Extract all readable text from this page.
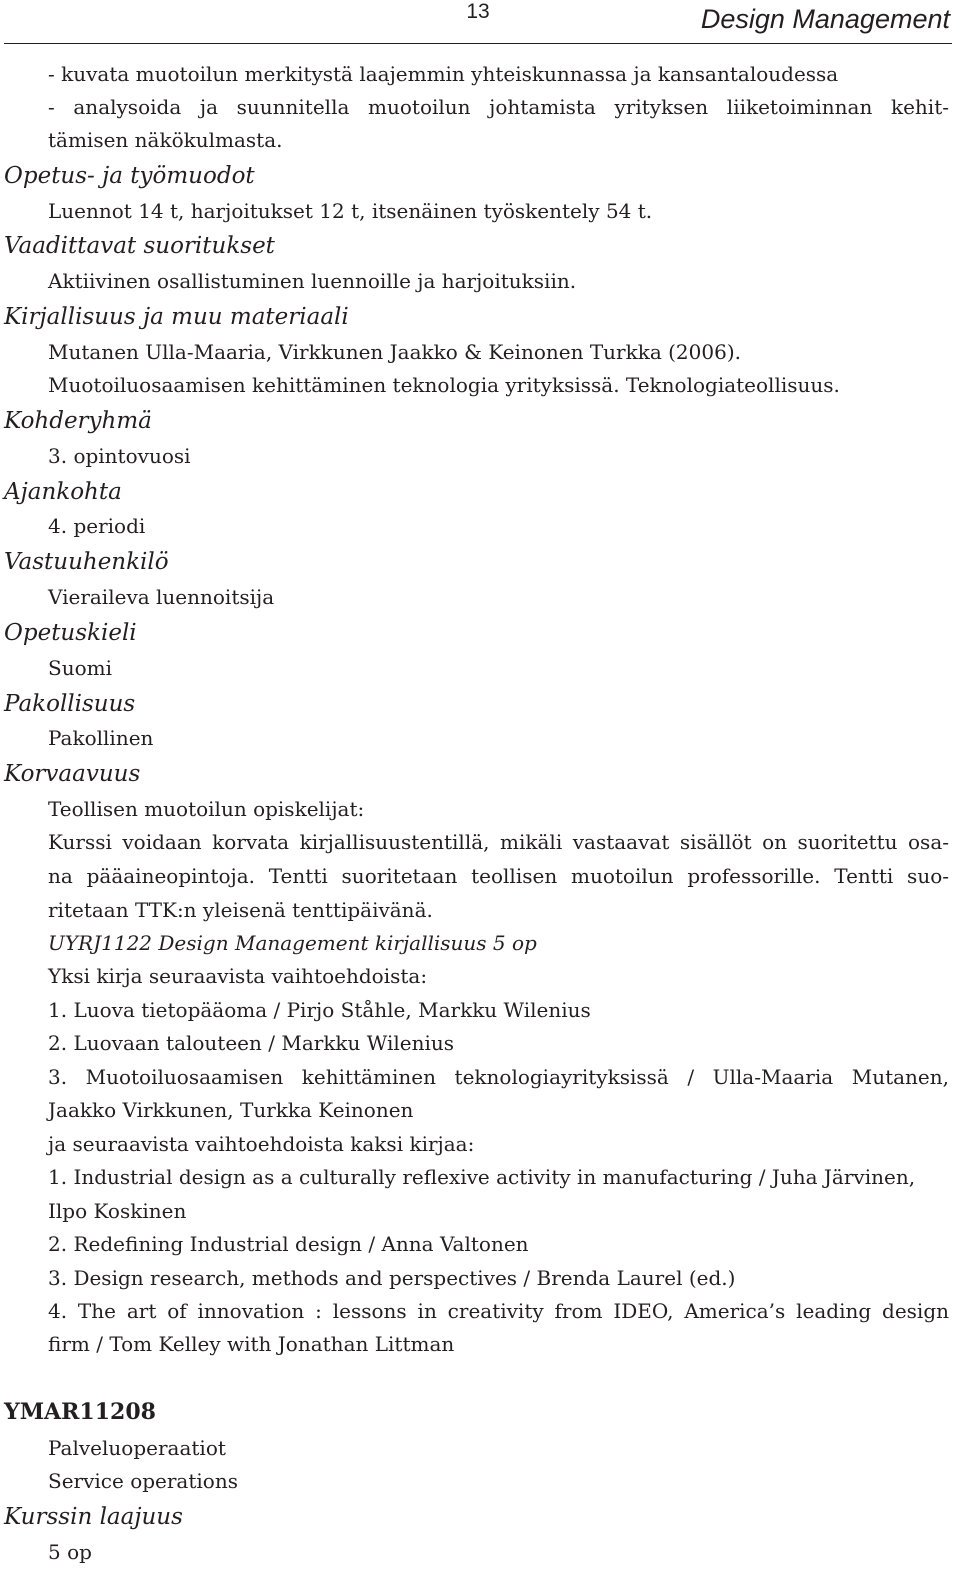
13	Design Management
- kuvata muotoilun merkitystä laajemmin yhteiskunnassa ja kansantaloudessa
- analysoida ja suunnitella muotoilun johtamista yrityksen liiketoiminnan kehit-
tämisen näkökulmasta.
Opetus- ja työmuodot
Luennot 14 t, harjoitukset 12 t, itsenäinen työskentely 54 t.
Vaadittavat suoritukset
Aktiivinen osallistuminen luennoille ja harjoituksiin.
Kirjallisuus ja muu materiaali
Mutanen Ulla-Maaria, Virkkunen Jaakko & Keinonen Turkka (2006).
Muotoiluosaamisen kehittäminen teknologia yrityksissä. Teknologiateollisuus.
Kohderyhmä
3. opintovuosi
Ajankohta
4. periodi
Vastuuhenkilö
Vieraileva luennoitsija
Opetuskieli
Suomi
Pakollisuus
Pakollinen
Korvaavuus
Teollisen muotoilun opiskelijat:
Kurssi voidaan korvata kirjallisuustentillä, mikäli vastaavat sisällöt on suoritettu osa-
na pääaineopintoja. Tentti suoritetaan teollisen muotoilun professorille. Tentti suo-
ritetaan TTK:n yleisenä tenttipäivänä.
UYRJ1122 Design Management kirjallisuus 5 op
Yksi kirja seuraavista vaihtoehdoista:
1. Luova tietopääoma / Pirjo Ståhle, Markku Wilenius
2. Luovaan talouteen / Markku Wilenius
3. Muotoiluosaamisen kehittäminen teknologiayrityksissä / Ulla-Maaria Mutanen,
Jaakko Virkkunen, Turkka Keinonen
ja seuraavista vaihtoehdoista kaksi kirjaa:
1. Industrial design as a culturally reflexive activity in manufacturing / Juha Järvinen,
Ilpo Koskinen
2. Redefining Industrial design / Anna Valtonen
3. Design research, methods and perspectives / Brenda Laurel (ed.)
4. The art of innovation : lessons in creativity from IDEO, America’s leading design
firm / Tom Kelley with Jonathan Littman
YMAR11208
Palveluoperaatiot
Service operations
Kurssin laajuus
5 op
